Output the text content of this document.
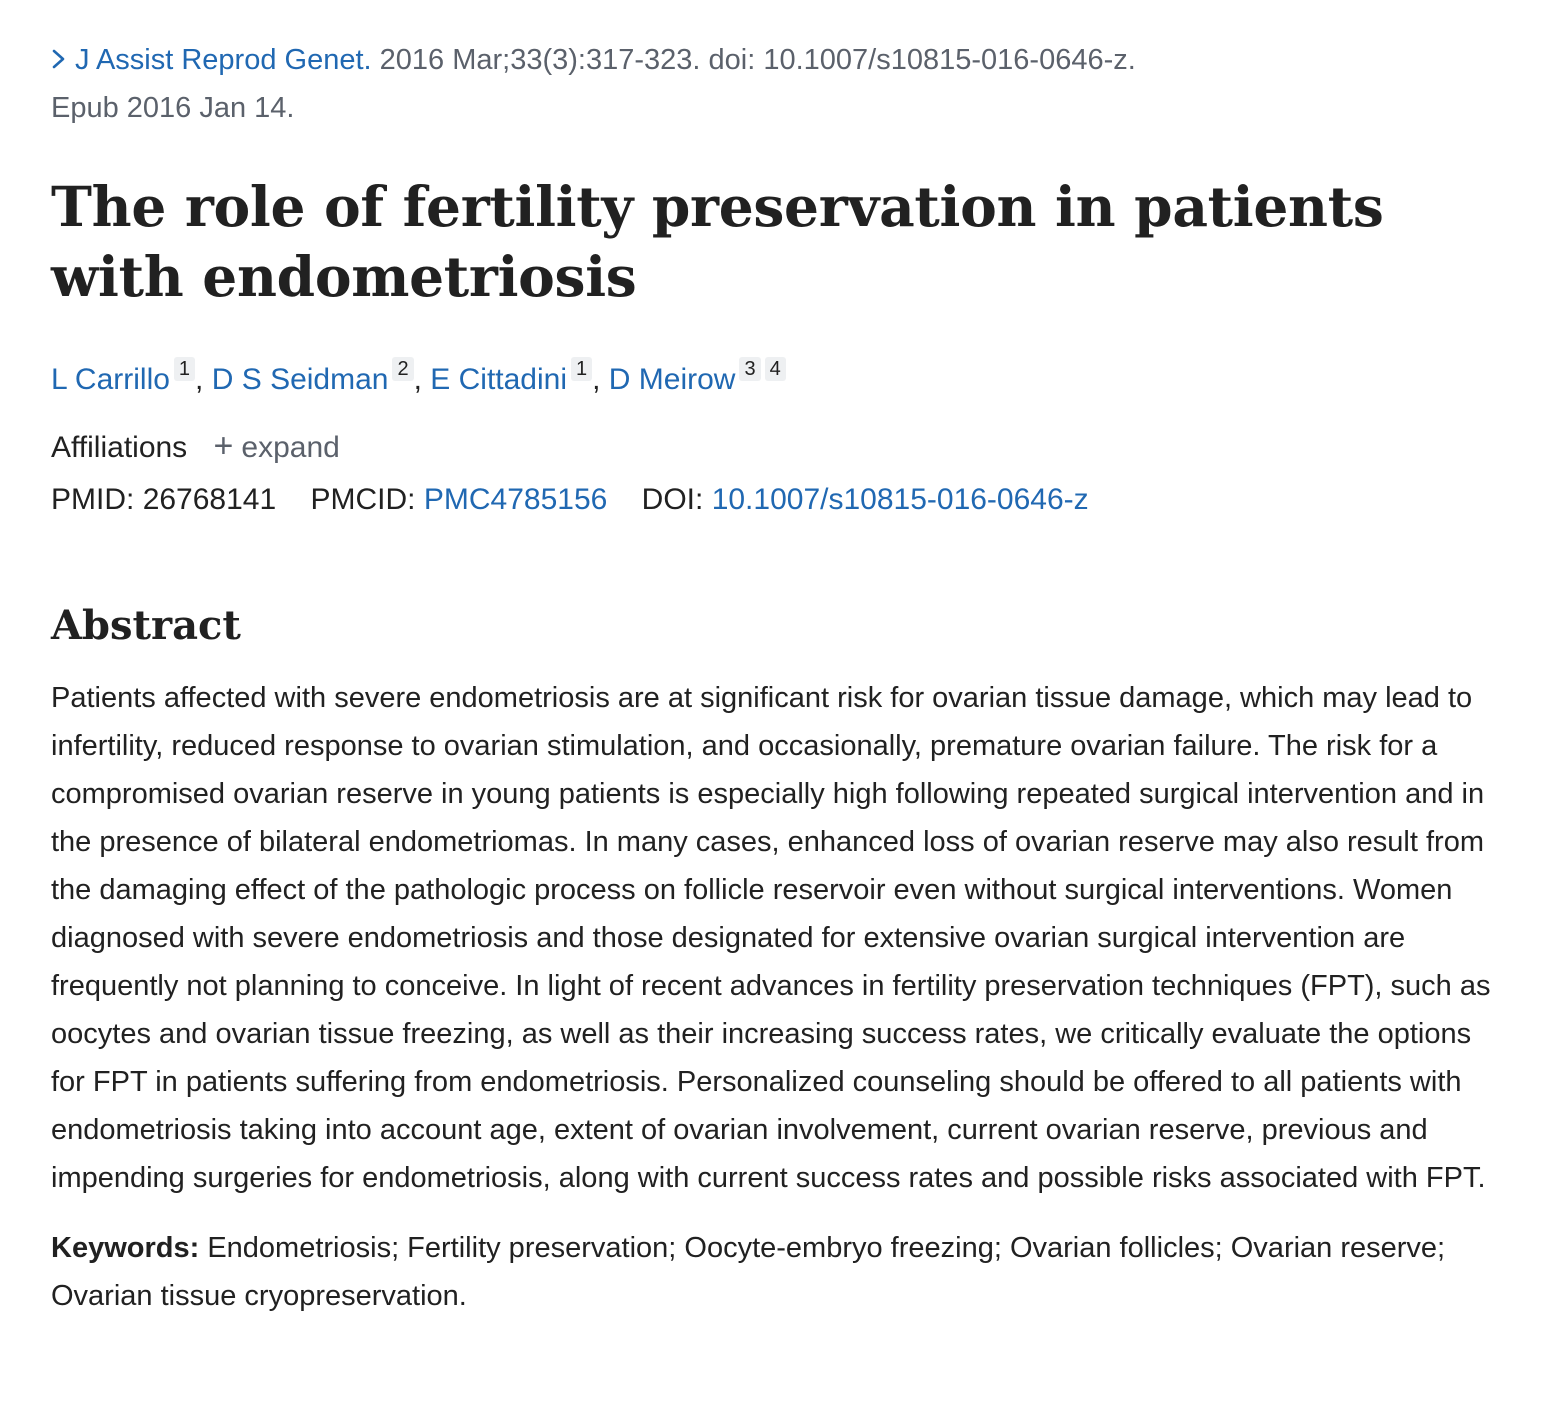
J Assist Reprod Genet. 2016 Mar;33(3):317-323. doi: 10.1007/s10815-016-0646-z.
Epub 2016 Jan 14.
The role of fertility preservation in patients with endometriosis
L Carrillo 1 , D S Seidman 2 , E Cittadini 1 , D Meirow 3 4
Affiliations + expand
PMID: 26768141 PMCID: PMC4785156 DOI: 10.1007/s10815-016-0646-z
Abstract
Patients affected with severe endometriosis are at significant risk for ovarian tissue damage, which may lead to infertility, reduced response to ovarian stimulation, and occasionally, premature ovarian failure. The risk for a compromised ovarian reserve in young patients is especially high following repeated surgical intervention and in the presence of bilateral endometriomas. In many cases, enhanced loss of ovarian reserve may also result from the damaging effect of the pathologic process on follicle reservoir even without surgical interventions. Women diagnosed with severe endometriosis and those designated for extensive ovarian surgical intervention are frequently not planning to conceive. In light of recent advances in fertility preservation techniques (FPT), such as oocytes and ovarian tissue freezing, as well as their increasing success rates, we critically evaluate the options for FPT in patients suffering from endometriosis. Personalized counseling should be offered to all patients with endometriosis taking into account age, extent of ovarian involvement, current ovarian reserve, previous and impending surgeries for endometriosis, along with current success rates and possible risks associated with FPT.
Keywords: Endometriosis; Fertility preservation; Oocyte-embryo freezing; Ovarian follicles; Ovarian reserve; Ovarian tissue cryopreservation.
